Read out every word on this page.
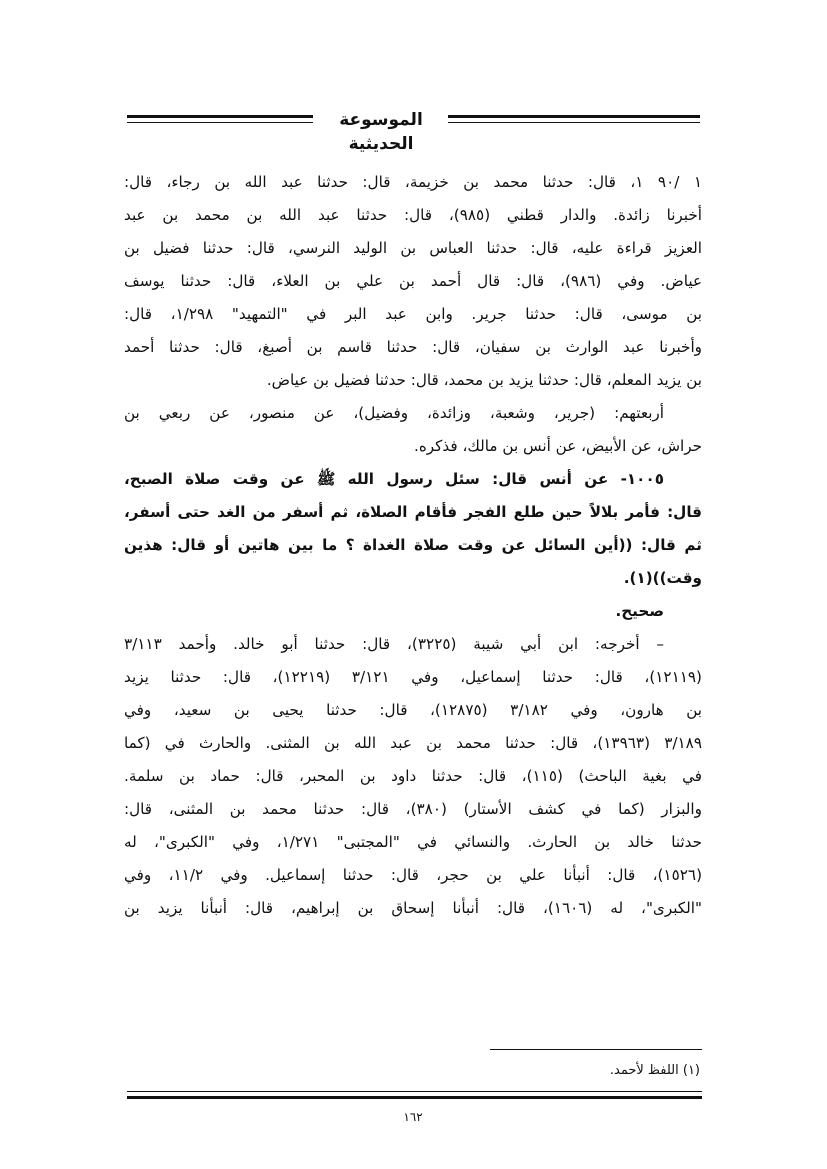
الموسوعة الحديثية
١ /٩٠ ١، قال: حدثنا محمد بن خزيمة، قال: حدثنا عبد الله بن رجاء، قال:
أخبرنا زائدة. والدار قطني (٩٨٥)، قال: حدثنا عبد الله بن محمد بن عبد
العزيز قراءة عليه، قال: حدثنا العباس بن الوليد النرسي، قال: حدثنا فضيل بن
عياض. وفي (٩٨٦)، قال: قال أحمد بن علي بن العلاء، قال: حدثنا يوسف
بن موسى، قال: حدثنا جرير. وابن عبد البر في "التمهيد" ١/٢٩٨، قال:
وأخبرنا عبد الوارث بن سفيان، قال: حدثنا قاسم بن أصبغ، قال: حدثنا أحمد
بن يزيد المعلم، قال: حدثنا يزيد بن محمد، قال: حدثنا فضيل بن عياض.
أربعتهم: (جرير، وشعبة، وزائدة، وفضيل)، عن منصور، عن ربعي بن
حراش، عن الأبيض، عن أنس بن مالك، فذكره.
١٠٠٥- عن أنس قال: سئل رسول الله ﷺ عن وقت صلاة الصبح،
قال: فأمر بلالاً حين طلع الفجر فأقام الصلاة، ثم أسفر من الغد حتى أسفر،
ثم قال: ((أين السائل عن وقت صلاة الغداة ؟ ما بين هاتين أو قال: هذين
وقت))(١).
صحيح.
– أخرجه: ابن أبي شيبة (٣٢٢٥)، قال: حدثنا أبو خالد. وأحمد ٣/١١٣
(١٢١١٩)، قال: حدثنا إسماعيل، وفي ٣/١٢١ (١٢٢١٩)، قال: حدثنا يزيد
بن هارون، وفي ٣/١٨٢ (١٢٨٧٥)، قال: حدثنا يحيى بن سعيد، وفي
٣/١٨٩ (١٣٩٦٣)، قال: حدثنا محمد بن عبد الله بن المثنى. والحارث في (كما
في بغية الباحث) (١١٥)، قال: حدثنا داود بن المحبر، قال: حماد بن سلمة.
والبزار (كما في كشف الأستار) (٣٨٠)، قال: حدثنا محمد بن المثنى، قال:
حدثنا خالد بن الحارث. والنسائي في "المجتبى" ١/٢٧١، وفي "الكبرى"، له
(١٥٢٦)، قال: أنبأنا علي بن حجر، قال: حدثنا إسماعيل. وفي ١١/٢، وفي
"الكبرى"، له (١٦٠٦)، قال: أنبأنا إسحاق بن إبراهيم، قال: أنبأنا يزيد بن
(١) اللفظ لأحمد.
١٦٢
